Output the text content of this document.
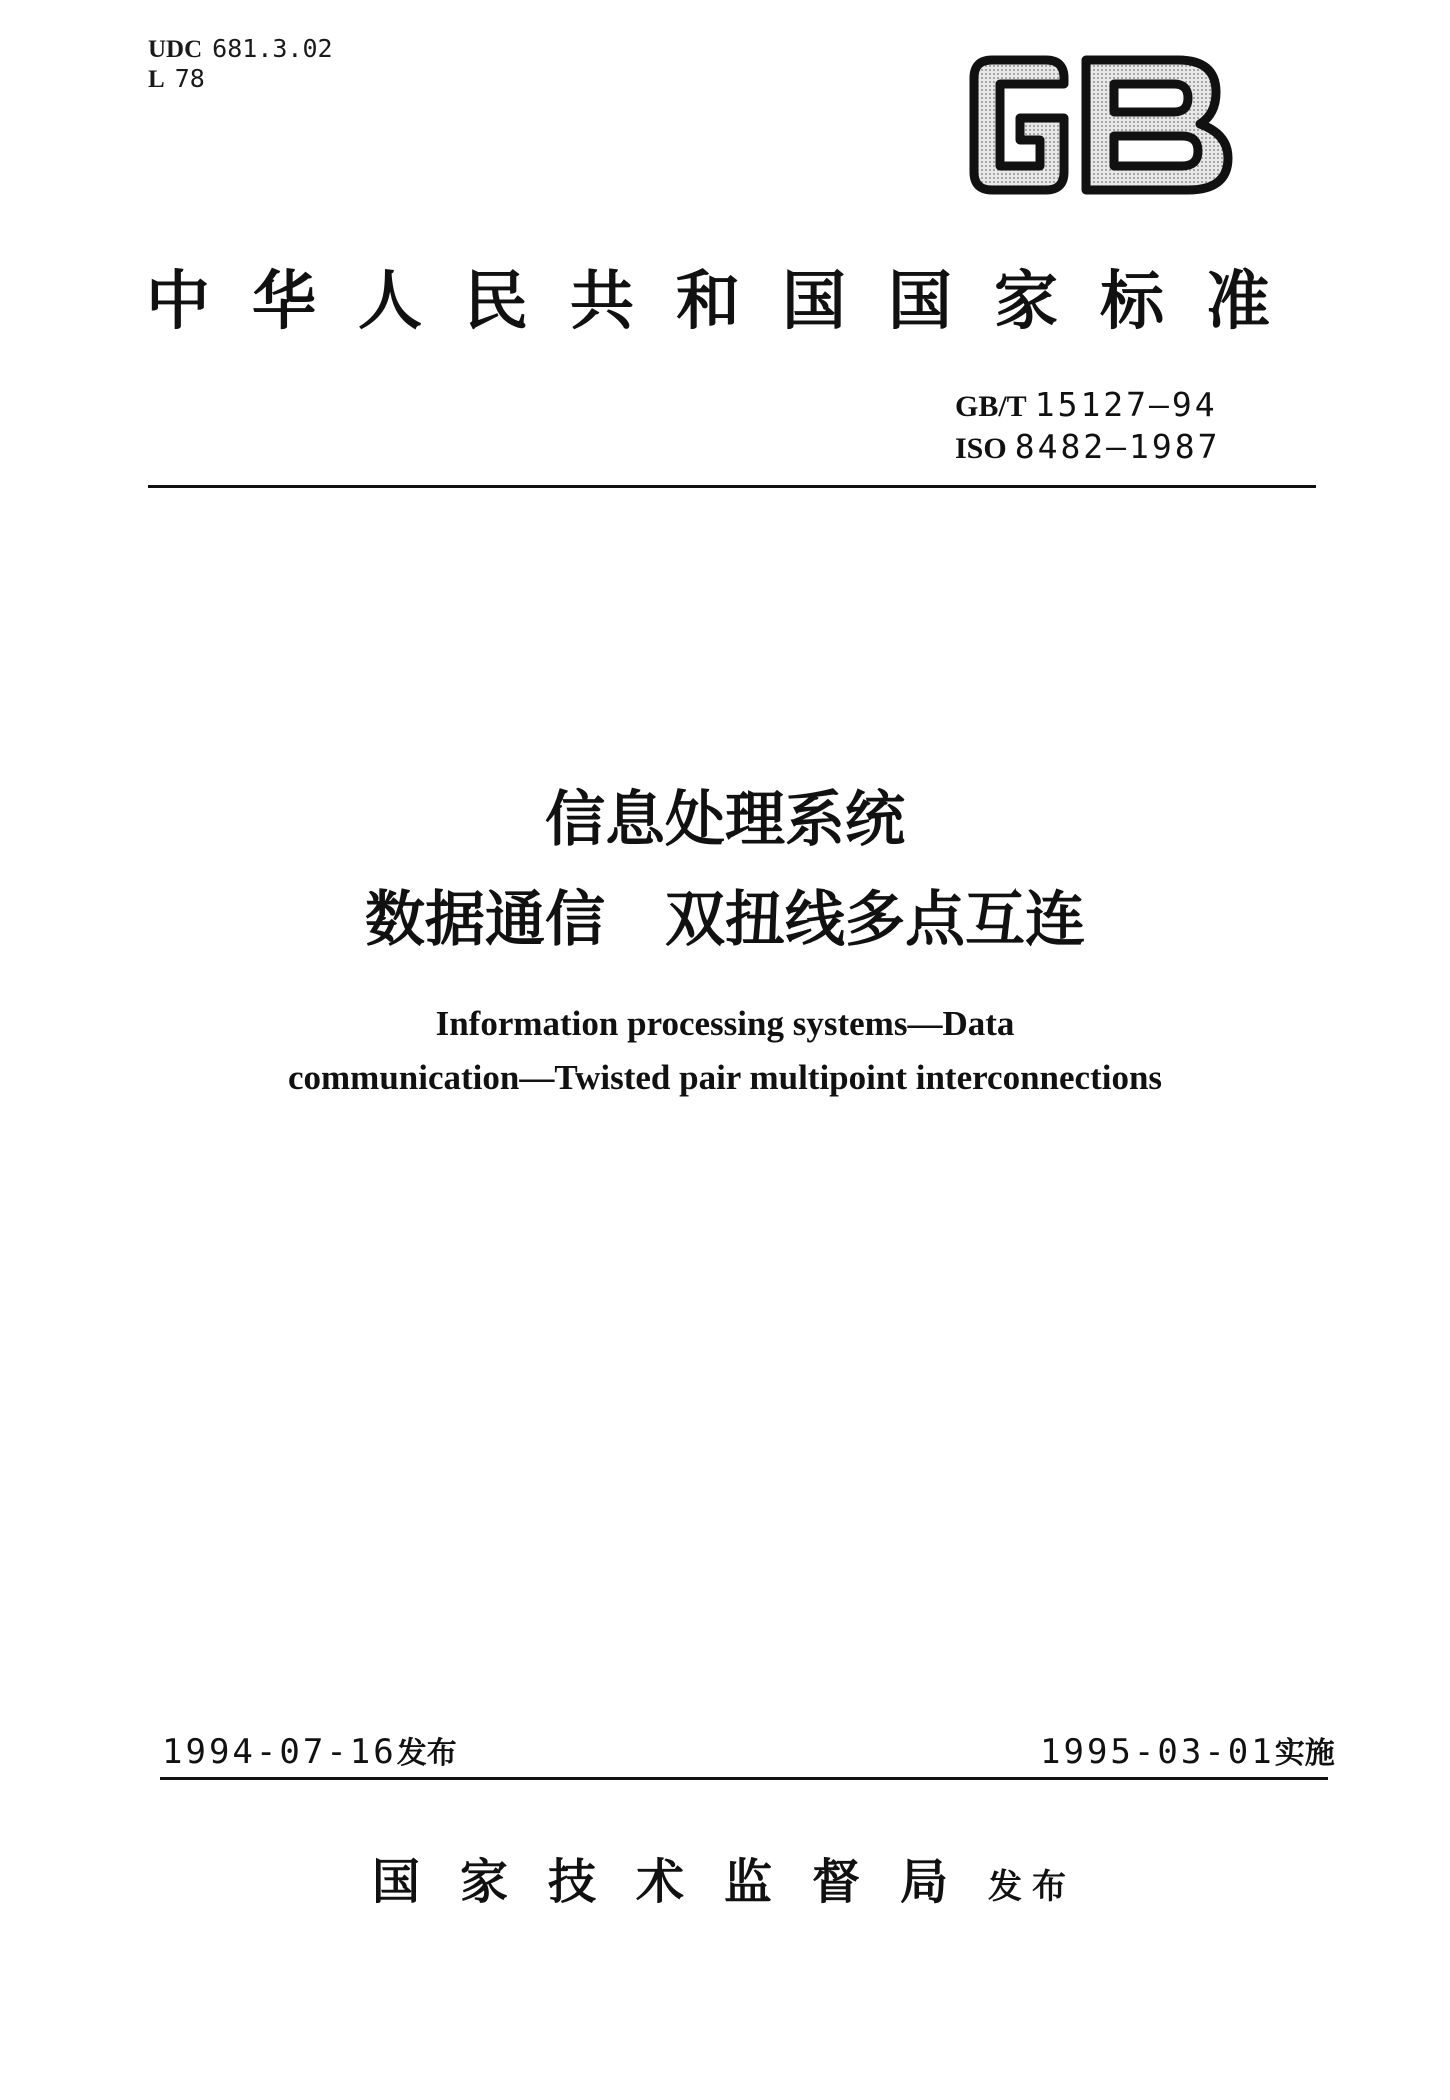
UDC 681.3.02
L 78
中华人民共和国国家标准
GB/T 15127—94
ISO 8482—1987
信息处理系统
数据通信 双扭线多点互连
Information processing systems—Data
communication—Twisted pair multipoint interconnections
1994-07-16发布	1995-03-01实施
国家技术监督局发布
